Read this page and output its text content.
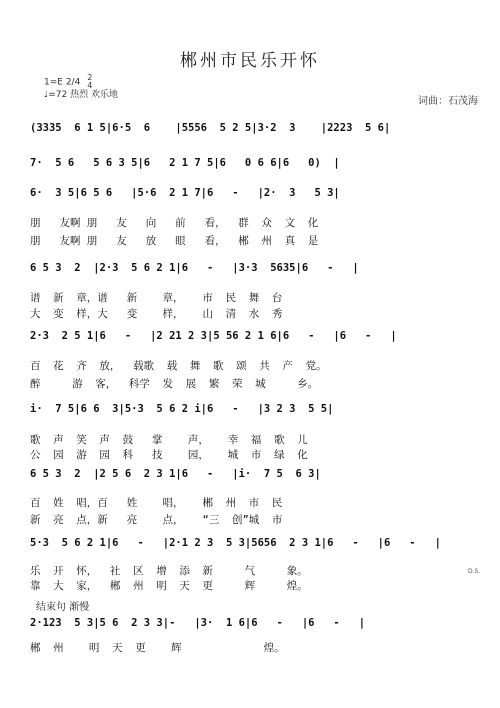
郴州市民乐开怀
1=E 2/4 2
4
♩=72 热烈 欢乐地
词曲：石茂海
(3335  6 1 5|6·5  6    |5556  5 2 5|3·2  3    |2223  5 6|
7·  5 6   5 6 3 5|6   2 1 7 5|6   0 6 6|6   0)  |
6·  3 5|6 5 6   |5·6  2 1 7|6   -   |2·  3   5 3|
朋   友啊 朋   友   向   前   看，  群  众  文  化
朋   友啊 朋   友   放   眼   看，  郴  州  真  是
6 5 3  2  |2·3  5 6 2 1|6   -   |3·3  5635|6   -   |
谱  新  章，谱   新    章，   市  民  舞  台
大  变  样，大   变    样，   山  清  水  秀
2·3  2 5 1|6   -   |2 21 2 3|5 56 2 1 6|6   -   |6   -   |
百  花  齐  放，  载歌  载  舞  歌  颂  共  产  党。
醉     游  客，  科学  发  展  繁  荣  城     乡。
i·  7 5|6 6  3|5·3  5 6 2 i|6   -   |3 2 3  5 5|
歌  声  笑  声  鼓   掌    声，   幸  福  歌  儿
公  园  游  园  科   技    园，   城  市  绿  化
6 5 3  2  |2 5 6  2 3 1|6   -   |i·  7 5  6 3|
百  姓  唱，百   姓    唱，   郴  州  市  民
新  亮  点，新   亮    点，   “三  创”城  市
5·3  5 6 2 1|6   -   |2·1 2 3  5 3|5656  2 3 1|6   -   |6   -   |
乐  开  怀，  社  区  增  添  新     气     象。
靠  大  家，  郴  州  明  天  更     辉     煌。
2·123  5 3|5 6  2 3 3|-   |3·  1 6|6   -   |6   -   |
郴  州    明  天  更    辉             煌。
D.S.
结束句 渐慢
